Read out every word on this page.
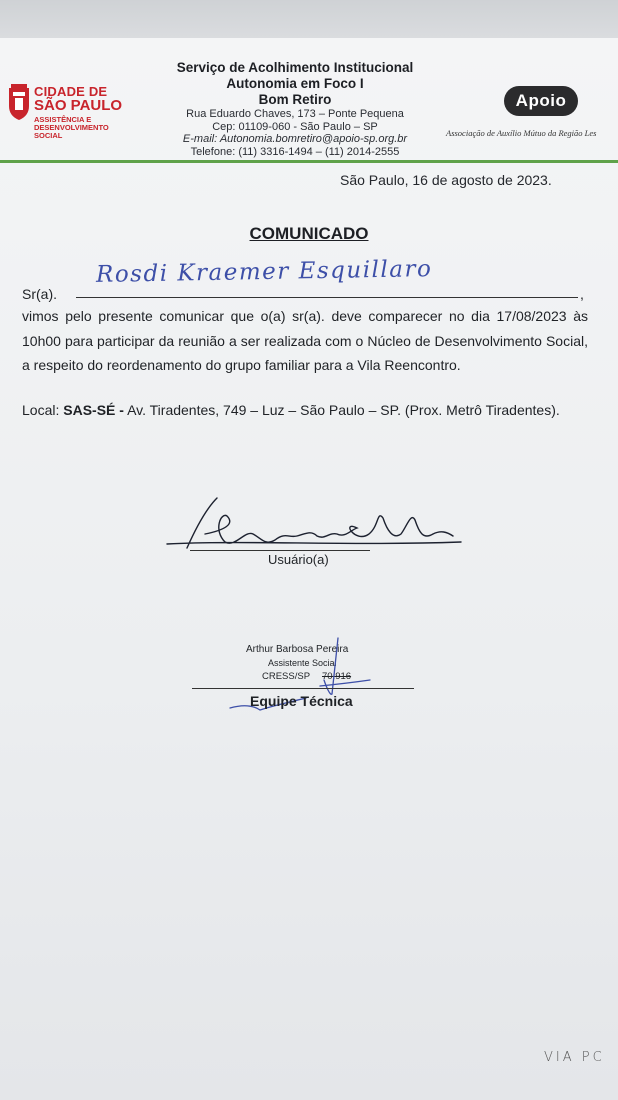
CIDADE DE
SÃO PAULO
ASSISTÊNCIA E DESENVOLVIMENTO SOCIAL
Serviço de Acolhimento Institucional
Autonomia em Foco I
Bom Retiro
Rua Eduardo Chaves, 173 – Ponte Pequena
Cep: 01109-060 - São Paulo – SP
E-mail: Autonomia.bomretiro@apoio-sp.org.br
Telefone: (11) 3316-1494 – (11) 2014-2555
Apoio
Associação de Auxílio Mútuo da Região Les
São Paulo, 16 de agosto de 2023.
COMUNICADO
Sr(a).
Rosdi Kraemer Esquillaro
,
vimos pelo presente comunicar que o(a) sr(a). deve comparecer no dia 17/08/2023 às 10h00 para participar da reunião a ser realizada com o Núcleo de Desenvolvimento Social, a respeito do reordenamento do grupo familiar para a Vila Reencontro.
Local: SAS-SÉ - Av. Tiradentes, 749 – Luz – São Paulo – SP. (Prox. Metrô Tiradentes).
Usuário(a)
Arthur Barbosa Pereira
Assistente Social
CRESS/SP 70.916
Equipe Técnica
VIA PC
